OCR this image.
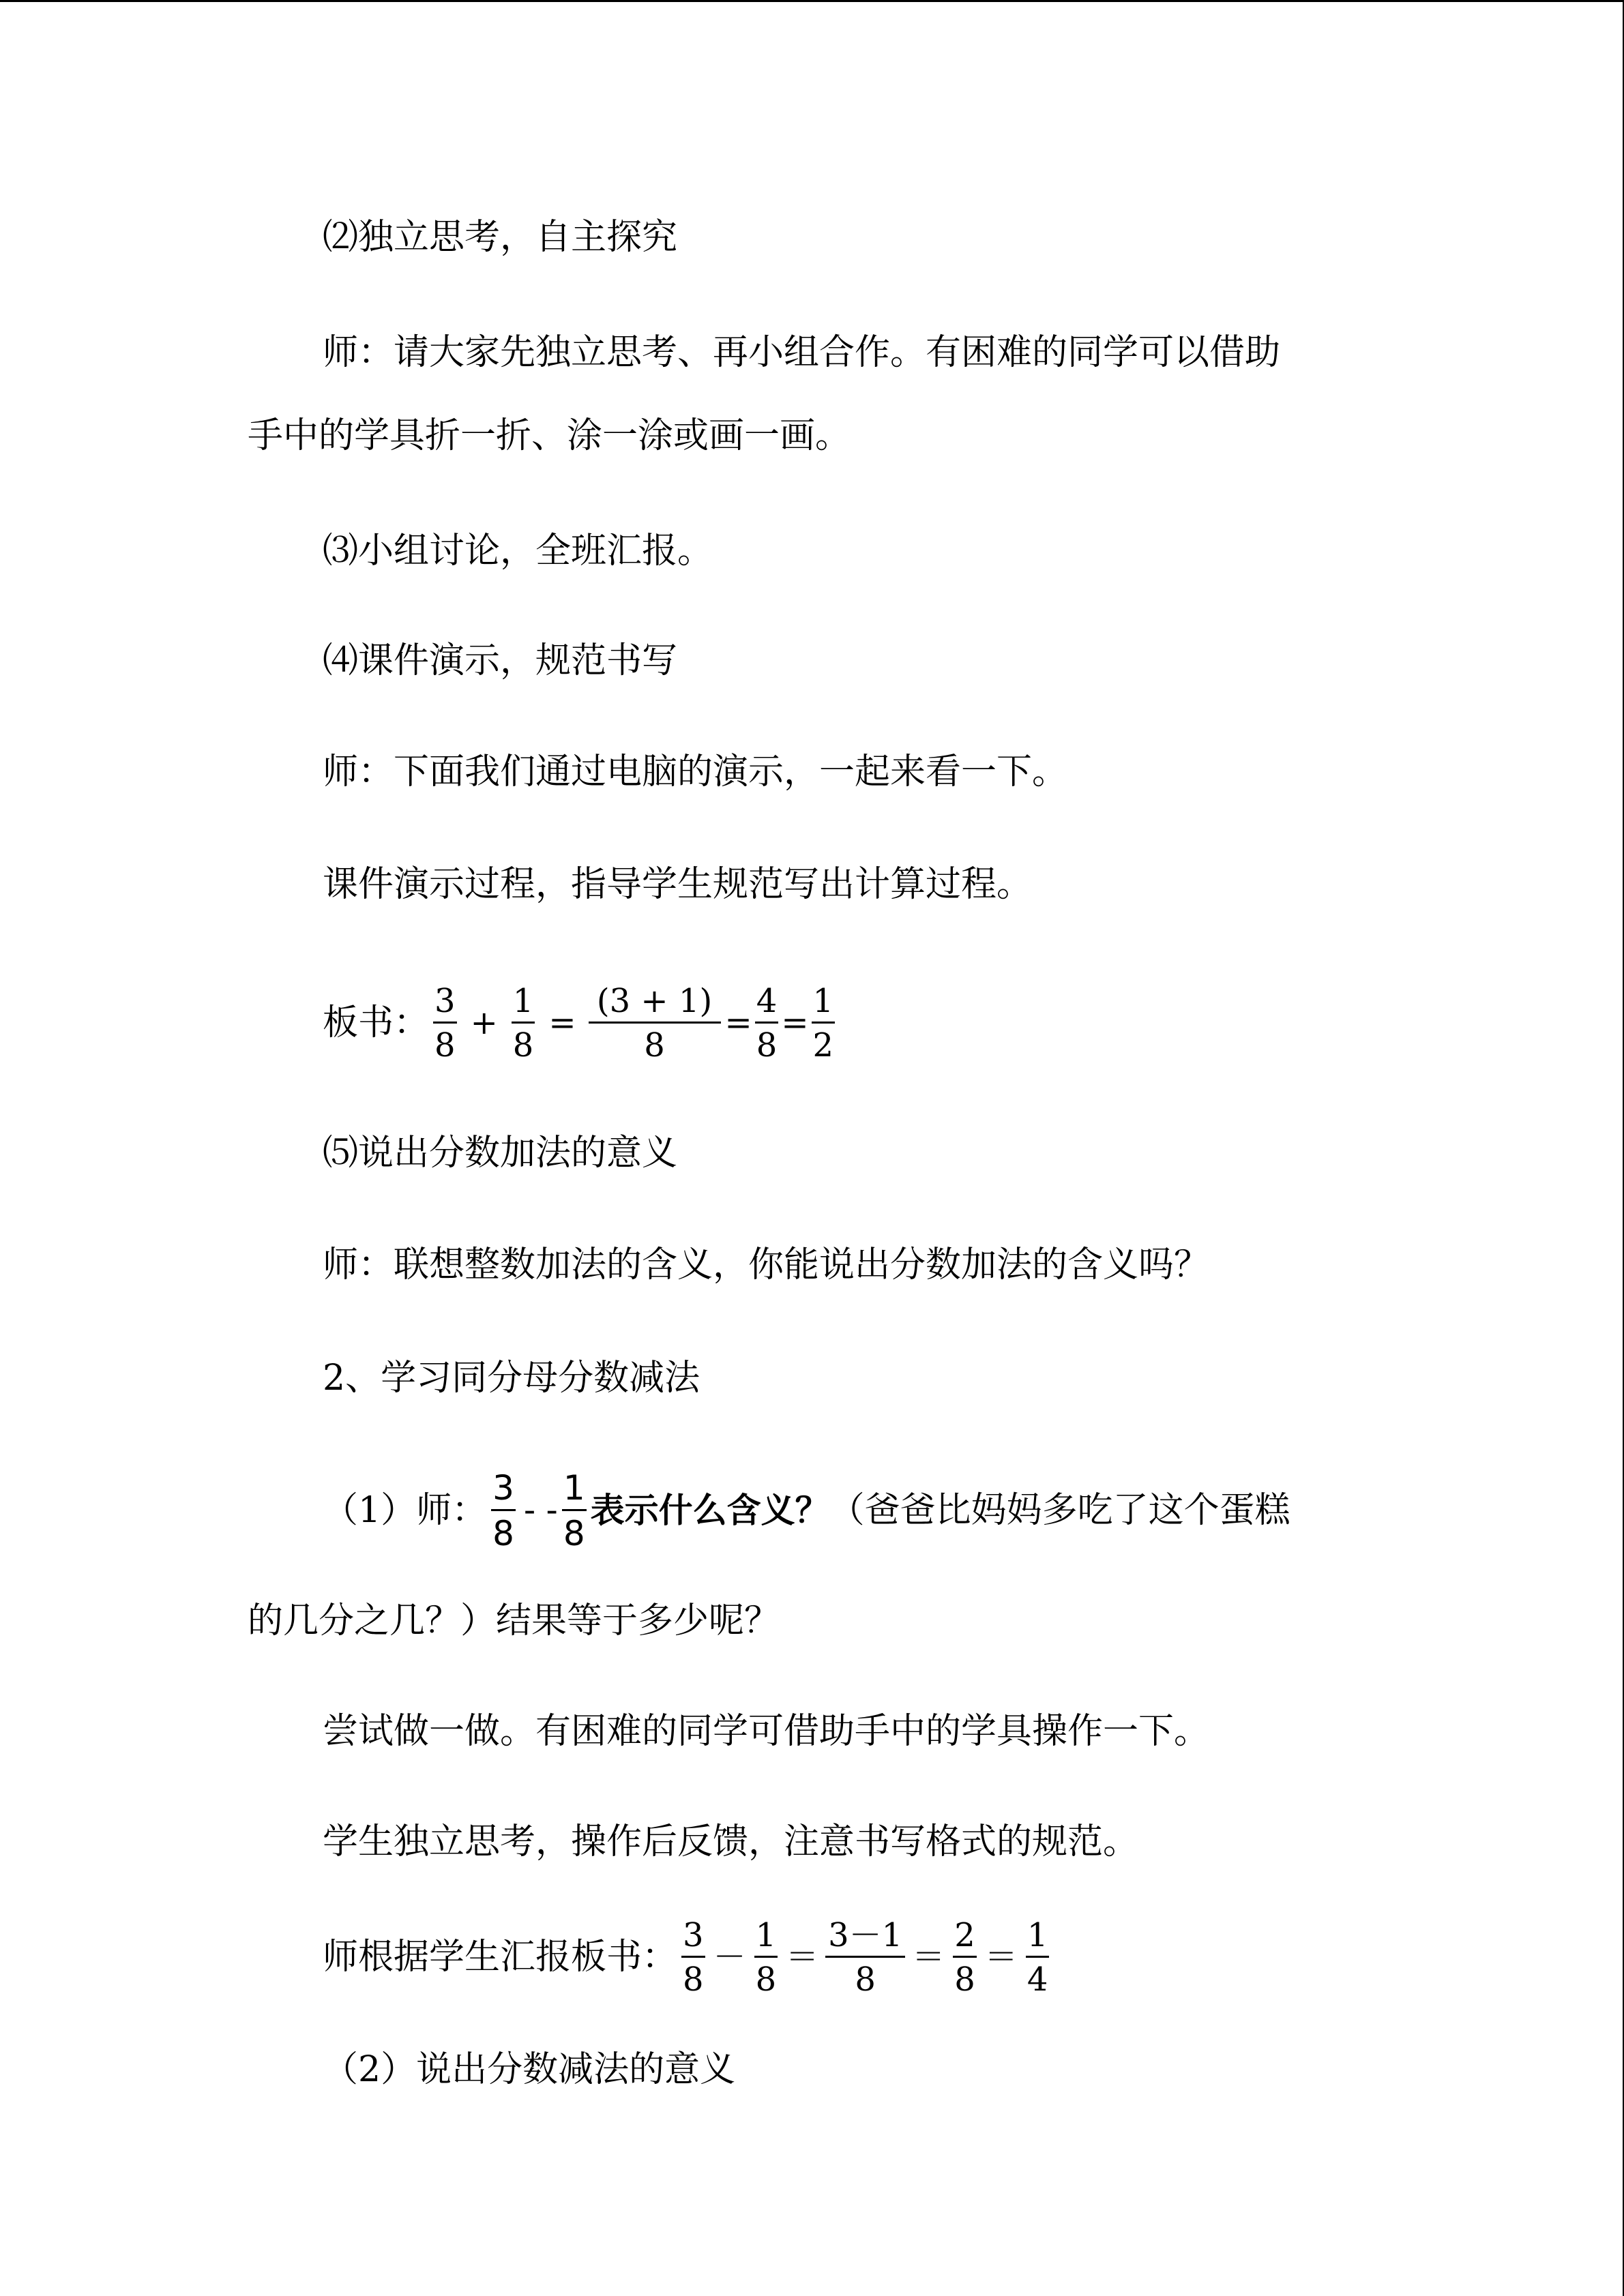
⑵独立思考，自主探究
师：请大家先独立思考、再小组合作。有困难的同学可以借助
手中的学具折一折、涂一涂或画一画。
⑶小组讨论，全班汇报。
⑷课件演示，规范书写
师：下面我们通过电脑的演示，一起来看一下。
课件演示过程，指导学生规范写出计算过程。
板书： $\frac{3}{8} + \frac{1}{8} = \frac{(3 + 1)}{8} = \frac{4}{8} = \frac{1}{2}$
⑸说出分数加法的意义
师：联想整数加法的含义，你能说出分数加法的含义吗？
2、学习同分母分数减法
（1）师： $\frac{3}{8}$ - - $\frac{1}{8}$ 表示什么含义？ （爸爸比妈妈多吃了这个蛋糕
的几分之几？）结果等于多少呢？
尝试做一做。有困难的同学可借助手中的学具操作一下。
学生独立思考，操作后反馈，注意书写格式的规范。
师根据学生汇报板书： $\frac{3}{8} - \frac{1}{8} = \frac{3-1}{8} = \frac{2}{8} = \frac{1}{4}$
（2）说出分数减法的意义
